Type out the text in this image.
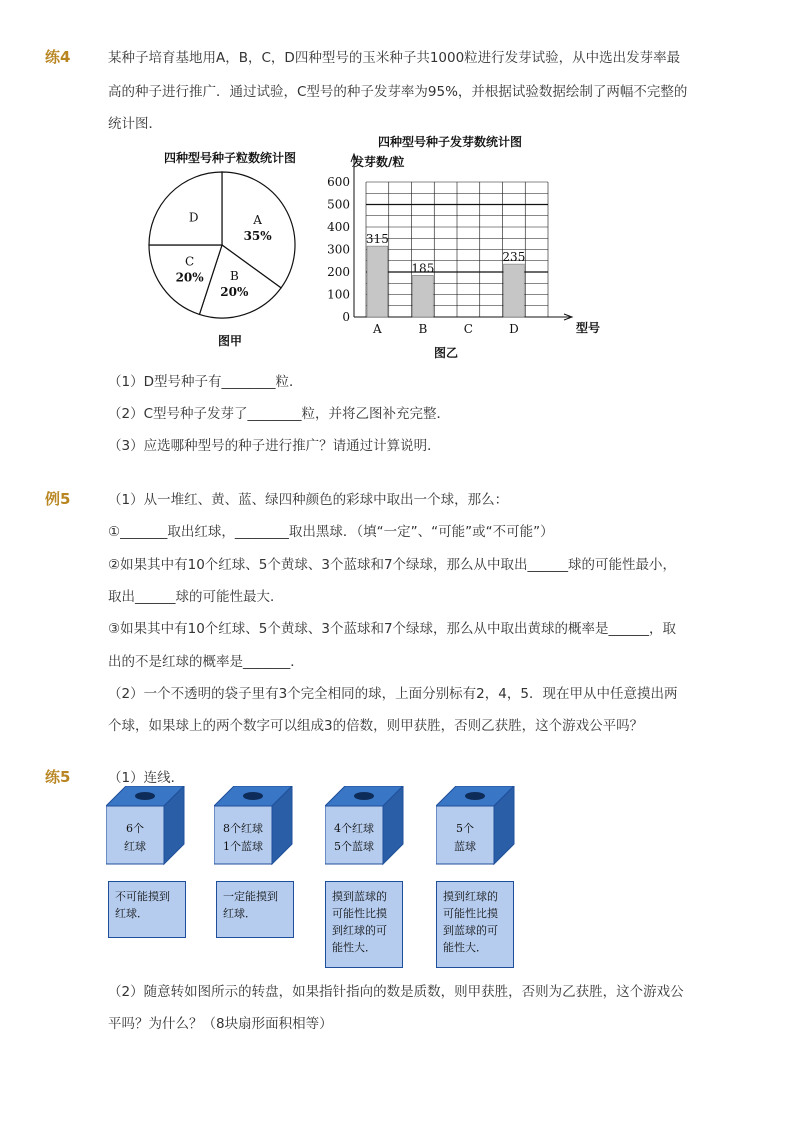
练4	某种子培育基地用A，B，C，D四种型号的玉米种子共1000粒进行发芽试验，从中选出发芽率最
高的种子进行推广．通过试验，C型号的种子发芽率为95%，并根据试验数据绘制了两幅不完整的
统计图．
四种型号种子粒数统计图
A
35%
B
20%
C
20%
D
图甲
四种型号种子发芽数统计图
发芽数/粒
0
100
200
300
400
500
600
315
A
185
B	C
235
D	型号
图乙
（1）D型号种子有________粒．
（2）C型号种子发芽了________粒，并将乙图补充完整．
（3）应选哪种型号的种子进行推广？请通过计算说明．
例5	（1）从一堆红、黄、蓝、绿四种颜色的彩球中取出一个球，那么：
①_______取出红球，________取出黑球．（填“一定”、“可能”或“不可能”）
②如果其中有10个红球、5个黄球、3个蓝球和7个绿球，那么从中取出______球的可能性最小，
取出______球的可能性最大．
③如果其中有10个红球、5个黄球、3个蓝球和7个绿球，那么从中取出黄球的概率是______，取
出的不是红球的概率是_______．
（2）一个不透明的袋子里有3个完全相同的球，上面分别标有2，4，5．现在甲从中任意摸出两
个球，如果球上的两个数字可以组成3的倍数，则甲获胜，否则乙获胜，这个游戏公平吗？
练5	（1）连线．
6个
红球
8个红球
1个蓝球
4个红球
5个蓝球
5个
蓝球
不可能摸到
红球．
一定能摸到
红球．
摸到蓝球的
可能性比摸
到红球的可
能性大．
摸到红球的
可能性比摸
到蓝球的可
能性大．
（2）随意转如图所示的转盘，如果指针指向的数是质数，则甲获胜，否则为乙获胜，这个游戏公
平吗？为什么？（8块扇形面积相等）
